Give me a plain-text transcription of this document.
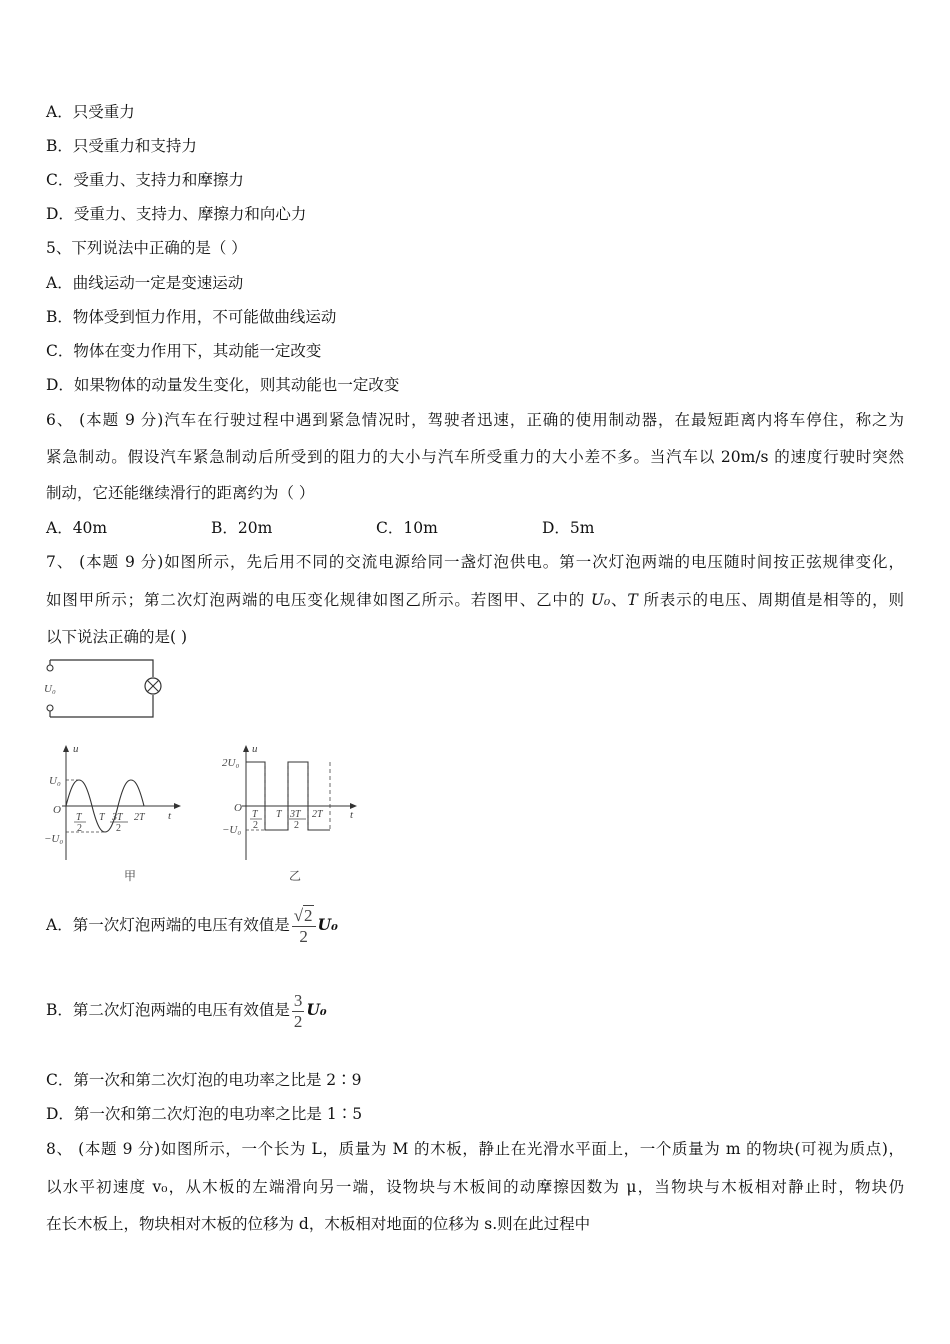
A．只受重力
B．只受重力和支持力
C．受重力、支持力和摩擦力
D．受重力、支持力、摩擦力和向心力
5、下列说法中正确的是（ ）
A．曲线运动一定是变速运动
B．物体受到恒力作用，不可能做曲线运动
C．物体在变力作用下，其动能一定改变
D．如果物体的动量发生变化，则其动能也一定改变
6、 (本题 9 分)汽车在行驶过程中遇到紧急情况时，驾驶者迅速，正确的使用制动器，在最短距离内将车停住，称之为
紧急制动。假设汽车紧急制动后所受到的阻力的大小与汽车所受重力的大小差不多。当汽车以 20m/s 的速度行驶时突然
制动，它还能继续滑行的距离约为（ ）
A．40m	B．20m	C．10m	D．5m
7、 (本题 9 分)如图所示，先后用不同的交流电源给同一盏灯泡供电。第一次灯泡两端的电压随时间按正弦规律变化，
如图甲所示；第二次灯泡两端的电压变化规律如图乙所示。若图甲、乙中的 U₀、T 所表示的电压、周期值是相等的，则
以下说法正确的是( )
U₀
u
t
O
U₀
−U₀
T
2
T 3T
2
2T
甲
u
t
O
2U₀
−U₀
T
2
T 3T
2
2T
乙
A．第一次灯泡两端的电压有效值是 $\frac{√2}{2} U_0$
B．第二次灯泡两端的电压有效值是 $\frac{3}{2} U_0$
C．第一次和第二次灯泡的电功率之比是 2∶9
D．第一次和第二次灯泡的电功率之比是 1∶5
8、 (本题 9 分)如图所示，一个长为 L，质量为 M 的木板，静止在光滑水平面上，一个质量为 m 的物块(可视为质点)，
以水平初速度 v₀，从木板的左端滑向另一端，设物块与木板间的动摩擦因数为 μ，当物块与木板相对静止时，物块仍
在长木板上，物块相对木板的位移为 d，木板相对地面的位移为 s.则在此过程中
